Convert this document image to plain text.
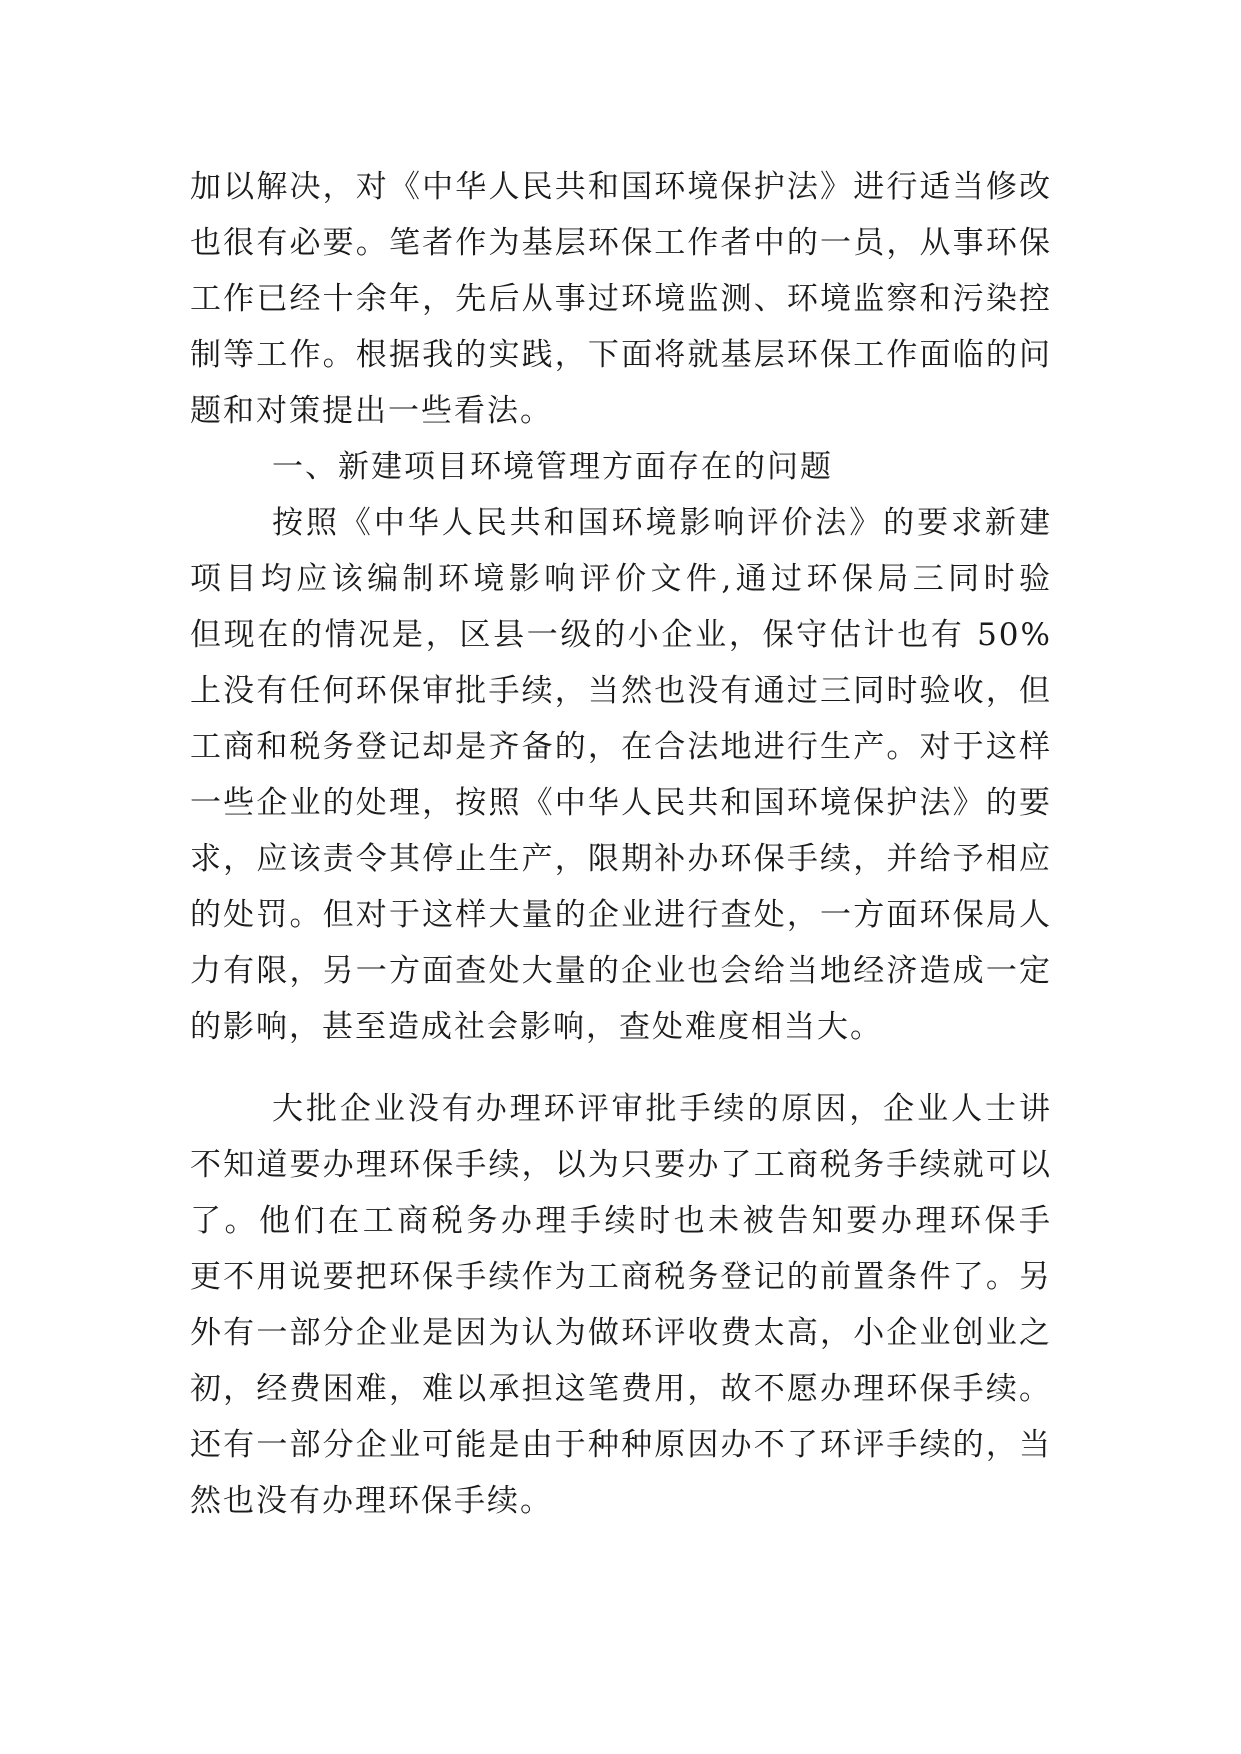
加以解决，对《中华人民共和国环境保护法》进行适当修改
也很有必要。笔者作为基层环保工作者中的一员，从事环保
工作已经十余年，先后从事过环境监测、环境监察和污染控
制等工作。根据我的实践，下面将就基层环保工作面临的问
题和对策提出一些看法。
一、新建项目环境管理方面存在的问题
按照《中华人民共和国环境影响评价法》的要求新建
项目均应该编制环境影响评价文件,通过环保局三同时验
但现在的情况是，区县一级的小企业，保守估计也有 50%
上没有任何环保审批手续，当然也没有通过三同时验收，但
工商和税务登记却是齐备的，在合法地进行生产。对于这样
一些企业的处理，按照《中华人民共和国环境保护法》的要
求，应该责令其停止生产，限期补办环保手续，并给予相应
的处罚。但对于这样大量的企业进行查处，一方面环保局人
力有限，另一方面查处大量的企业也会给当地经济造成一定
的影响，甚至造成社会影响，查处难度相当大。
大批企业没有办理环评审批手续的原因，企业人士讲
不知道要办理环保手续，以为只要办了工商税务手续就可以
了。他们在工商税务办理手续时也未被告知要办理环保手
更不用说要把环保手续作为工商税务登记的前置条件了。另
外有一部分企业是因为认为做环评收费太高，小企业创业之
初，经费困难，难以承担这笔费用，故不愿办理环保手续。
还有一部分企业可能是由于种种原因办不了环评手续的，当
然也没有办理环保手续。
